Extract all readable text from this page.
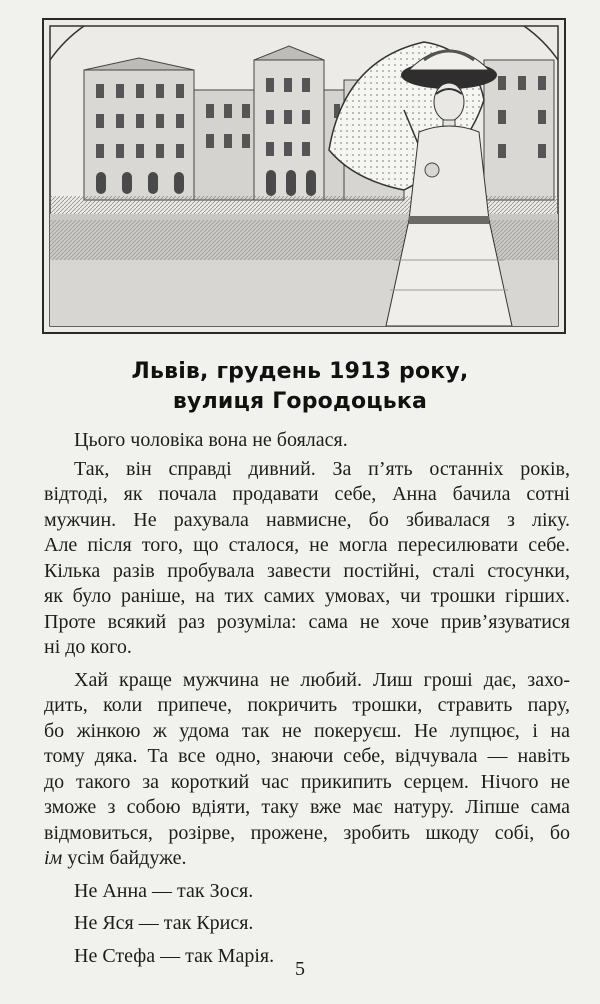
Львів, грудень 1913 року,
вулиця Городоцька
Цього чоловіка вона не боялася.
Так, він справді дивний. За п’ять останніх років,
відтоді, як почала продавати себе, Анна бачила сотні
мужчин. Не рахувала навмисне, бо збивалася з ліку.
Але після того, що сталося, не могла пересилювати себе.
Кілька разів пробувала завести постійні, сталі стосунки,
як було раніше, на тих самих умовах, чи трошки гірших.
Проте всякий раз розуміла: сама не хоче прив’язуватися
ні до кого.
Хай краще мужчина не любий. Лиш гроші дає, захо-
дить, коли припече, покричить трошки, стравить пару,
бо жінкою ж удома так не покеруєш. Не лупцює, і на
тому дяка. Та все одно, знаючи себе, відчувала — навіть
до такого за короткий час прикипить серцем. Нічого не
зможе з собою вдіяти, таку вже має натуру. Ліпше сама
відмовиться, розірве, прожене, зробить шкоду собі, бо
ім усім байдуже.
Не Анна — так Зося.
Не Яся — так Крися.
Не Стефа — так Марія.
5
